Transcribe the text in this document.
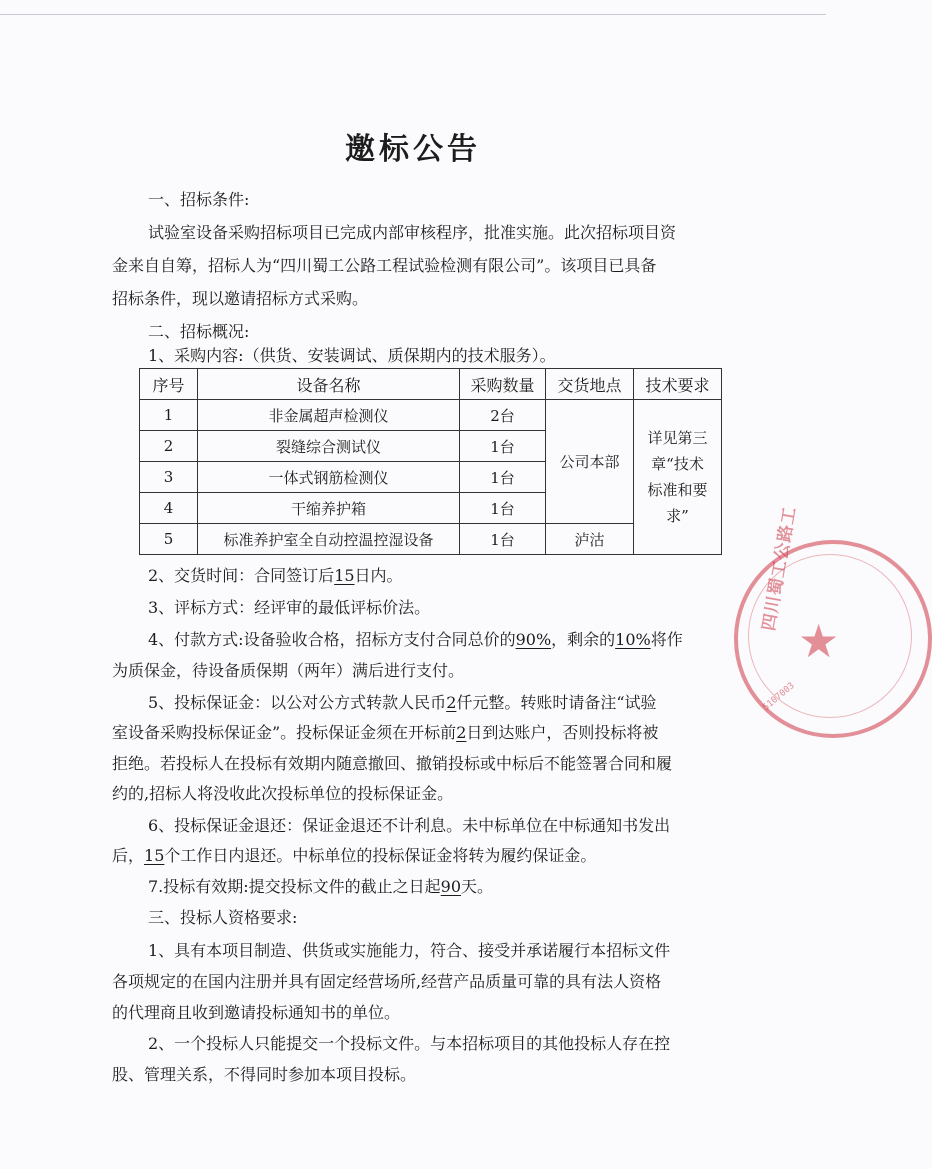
邀标公告
一、招标条件:
试验室设备采购招标项目已完成内部审核程序，批准实施。此次招标项目资
金来自自筹，招标人为“四川蜀工公路工程试验检测有限公司”。该项目已具备
招标条件，现以邀请招标方式采购。
二、招标概况:
1、采购内容:（供货、安装调试、质保期内的技术服务）。
序号	设备名称	采购数量	交货地点	技术要求
1	非金属超声检测仪	2台	公司本部	详见第三
章“技术
标准和要
求”

2	裂缝综合测试仪	1台		
3	一体式钢筋检测仪	1台		
4	干缩养护箱	1台		
5	标准养护室全自动控温控湿设备	1台	泸沽	
2、交货时间：合同签订后15日内。
3、评标方式：经评审的最低评标价法。
4、付款方式:设备验收合格，招标方支付合同总价的90%，剩余的10%将作
为质保金，待设备质保期（两年）满后进行支付。
5、投标保证金：以公对公方式转款人民币2仟元整。转账时请备注“试验
室设备采购投标保证金”。投标保证金须在开标前2日到达账户，否则投标将被
拒绝。若投标人在投标有效期内随意撤回、撤销投标或中标后不能签署合同和履
约的,招标人将没收此次投标单位的投标保证金。
6、投标保证金退还：保证金退还不计利息。未中标单位在中标通知书发出
后，15个工作日内退还。中标单位的投标保证金将转为履约保证金。
7.投标有效期:提交投标文件的截止之日起90天。
三、投标人资格要求:
1、具有本项目制造、供货或实施能力，符合、接受并承诺履行本招标文件
各项规定的在国内注册并具有固定经营场所,经营产品质量可靠的具有法人资格
的代理商且收到邀请投标通知书的单位。
2、一个投标人只能提交一个投标文件。与本招标项目的其他投标人存在控
股、管理关系，不得同时参加本项目投标。
★
四川蜀工公路工
5107003
